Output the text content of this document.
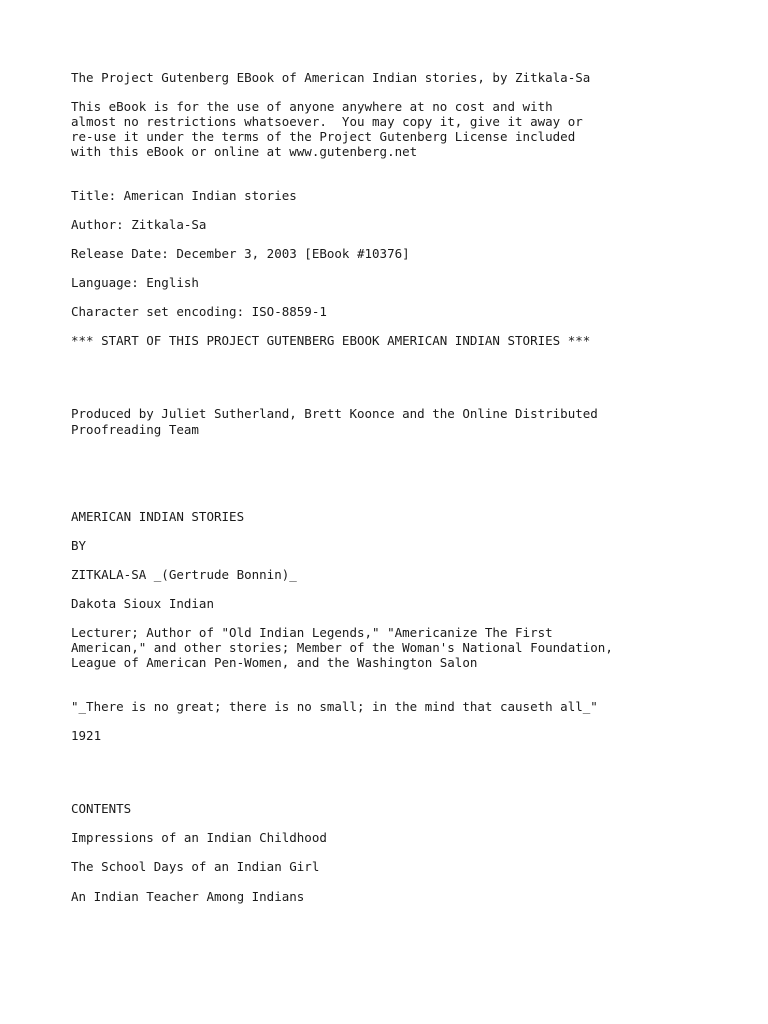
The Project Gutenberg EBook of American Indian stories, by Zitkala-Sa

This eBook is for the use of anyone anywhere at no cost and with

almost no restrictions whatsoever.  You may copy it, give it away or

re-use it under the terms of the Project Gutenberg License included

with this eBook or online at www.gutenberg.net

Title: American Indian stories

Author: Zitkala-Sa

Release Date: December 3, 2003 [EBook #10376]

Language: English

Character set encoding: ISO-8859-1

*** START OF THIS PROJECT GUTENBERG EBOOK AMERICAN INDIAN STORIES ***

Produced by Juliet Sutherland, Brett Koonce and the Online Distributed

Proofreading Team

AMERICAN INDIAN STORIES

BY

ZITKALA-SA _(Gertrude Bonnin)_

Dakota Sioux Indian

Lecturer; Author of "Old Indian Legends," "Americanize The First

American," and other stories; Member of the Woman's National Foundation,

League of American Pen-Women, and the Washington Salon

"_There is no great; there is no small; in the mind that causeth all_"

1921

CONTENTS

Impressions of an Indian Childhood

The School Days of an Indian Girl

An Indian Teacher Among Indians
